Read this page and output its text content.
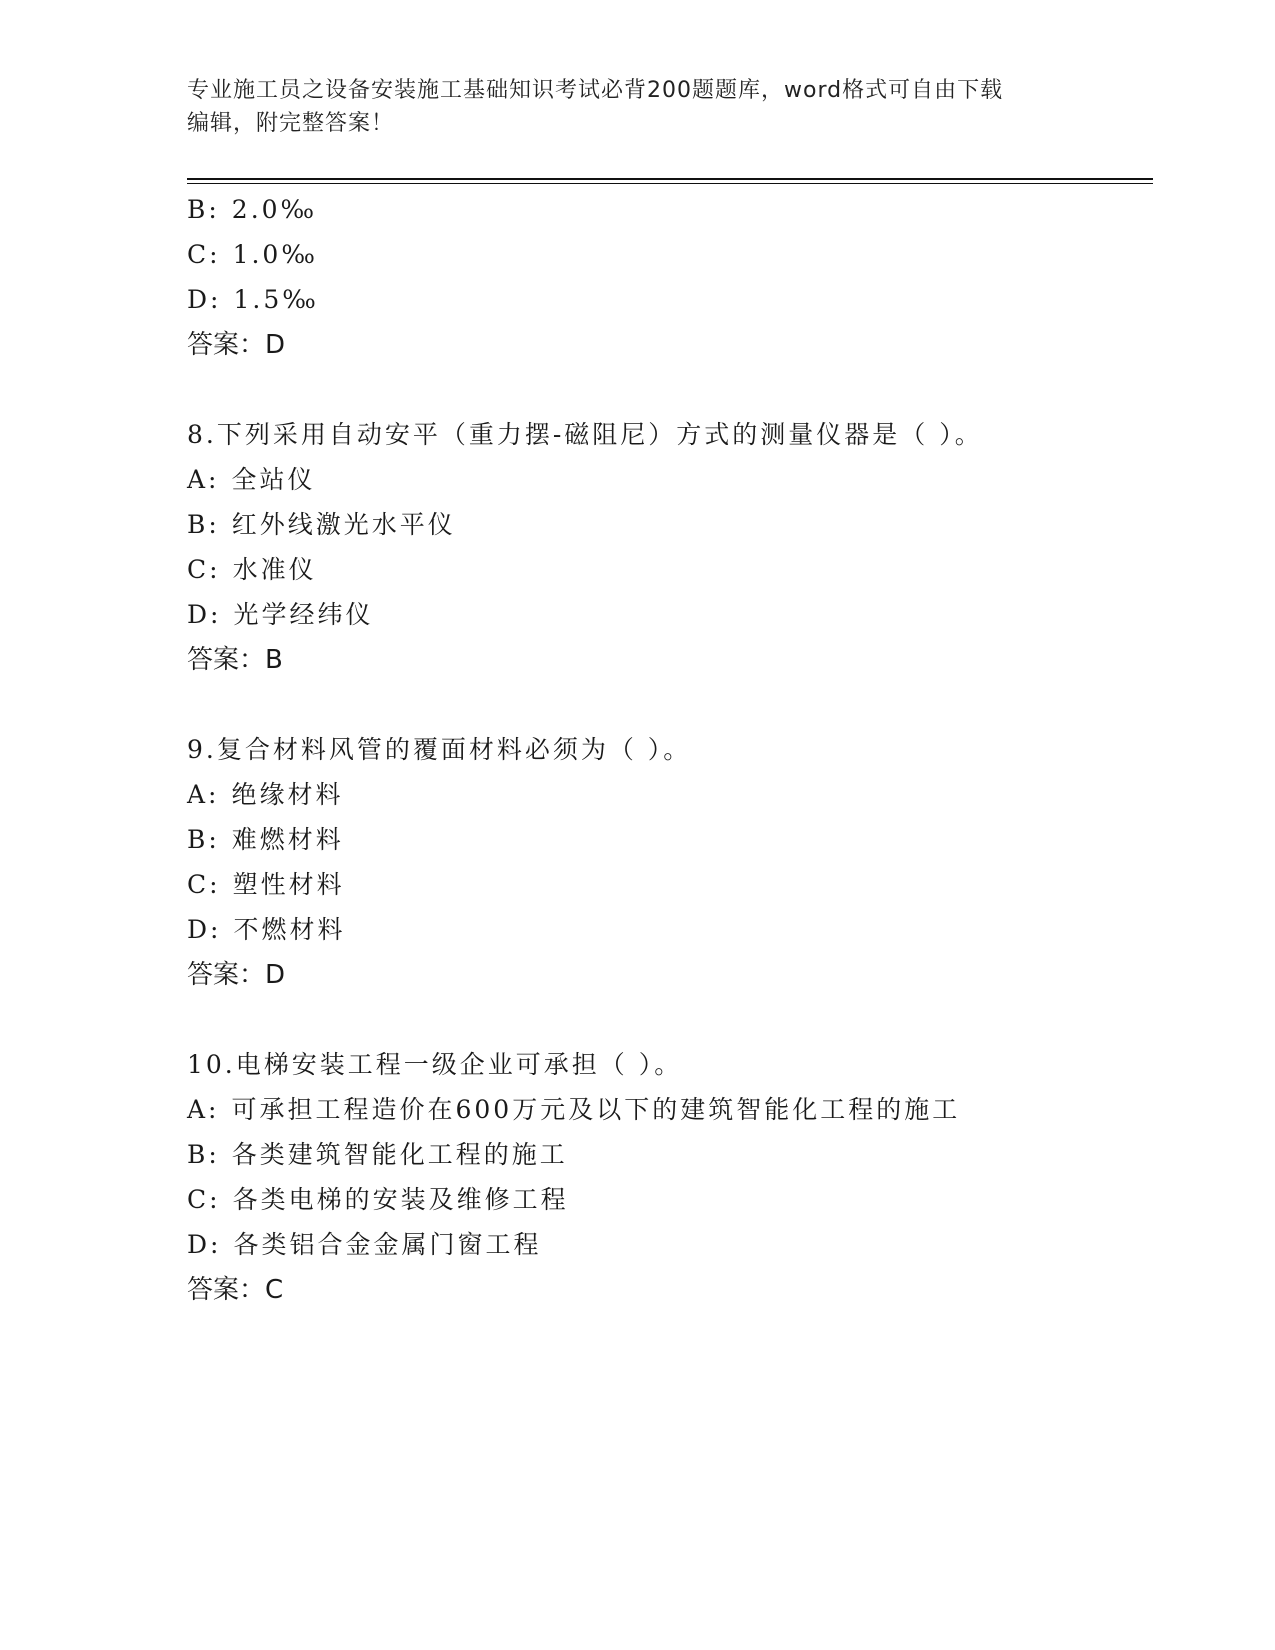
专业施工员之设备安装施工基础知识考试必背200题题库，word格式可自由下载
编辑，附完整答案！
B: 2.0‰
C: 1.0‰
D: 1.5‰
答案：D
8.下列采用自动安平（重力摆-磁阻尼）方式的测量仪器是（ ）。
A: 全站仪
B: 红外线激光水平仪
C: 水准仪
D: 光学经纬仪
答案：B
9.复合材料风管的覆面材料必须为（ ）。
A: 绝缘材料
B: 难燃材料
C: 塑性材料
D: 不燃材料
答案：D
10.电梯安装工程一级企业可承担（ ）。
A: 可承担工程造价在600万元及以下的建筑智能化工程的施工
B: 各类建筑智能化工程的施工
C: 各类电梯的安装及维修工程
D: 各类铝合金金属门窗工程
答案：C
